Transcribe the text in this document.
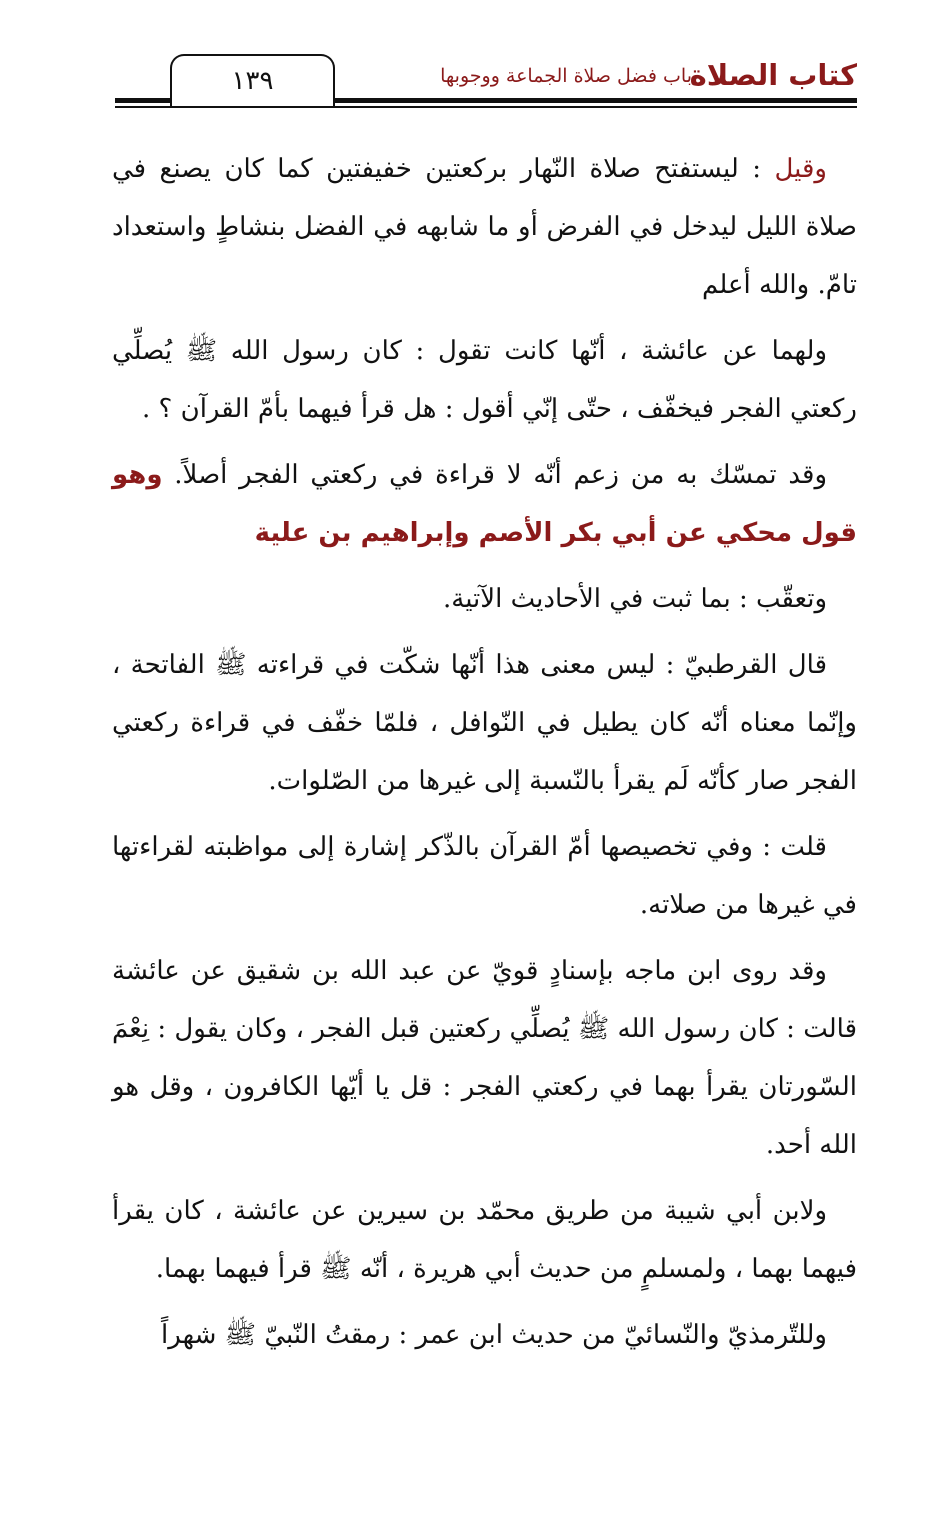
١٣٩	كتاب الصلاة
باب فضل صلاة الجماعة ووجوبها

وقيل : ليستفتح صلاة النّهار بركعتين خفيفتين كما كان يصنع في صلاة الليل ليدخل في الفرض أو ما شابهه في الفضل بنشاطٍ واستعداد تامّ. والله أعلم

ولهما عن عائشة ، أنّها كانت تقول : كان رسول الله ﷺ يُصلِّي ركعتي الفجر فيخفّف ، حتّى إنّي أقول : هل قرأ فيهما بأمّ القرآن ؟ .

وقد تمسّك به من زعم أنّه لا قراءة في ركعتي الفجر أصلاً. وهو قول محكي عن أبي بكر الأصم وإبراهيم بن علية

وتعقّب : بما ثبت في الأحاديث الآتية.

قال القرطبيّ : ليس معنى هذا أنّها شكّت في قراءته ﷺ الفاتحة ، وإنّما معناه أنّه كان يطيل في النّوافل ، فلمّا خفّف في قراءة ركعتي الفجر صار كأنّه لَم يقرأ بالنّسبة إلى غيرها من الصّلوات.

قلت : وفي تخصيصها أمّ القرآن بالذّكر إشارة إلى مواظبته لقراءتها في غيرها من صلاته.

وقد روى ابن ماجه بإسنادٍ قويّ عن عبد الله بن شقيق عن عائشة قالت : كان رسول الله ﷺ يُصلِّي ركعتين قبل الفجر ، وكان يقول : نِعْمَ السّورتان يقرأ بهما في ركعتي الفجر : قل يا أيّها الكافرون ، وقل هو الله أحد.

ولابن أبي شيبة من طريق محمّد بن سيرين عن عائشة ، كان يقرأ فيهما بهما ، ولمسلمٍ من حديث أبي هريرة ، أنّه ﷺ قرأ فيهما بهما.

وللتّرمذيّ والنّسائيّ من حديث ابن عمر : رمقتُ النّبيّ ﷺ شهراً
